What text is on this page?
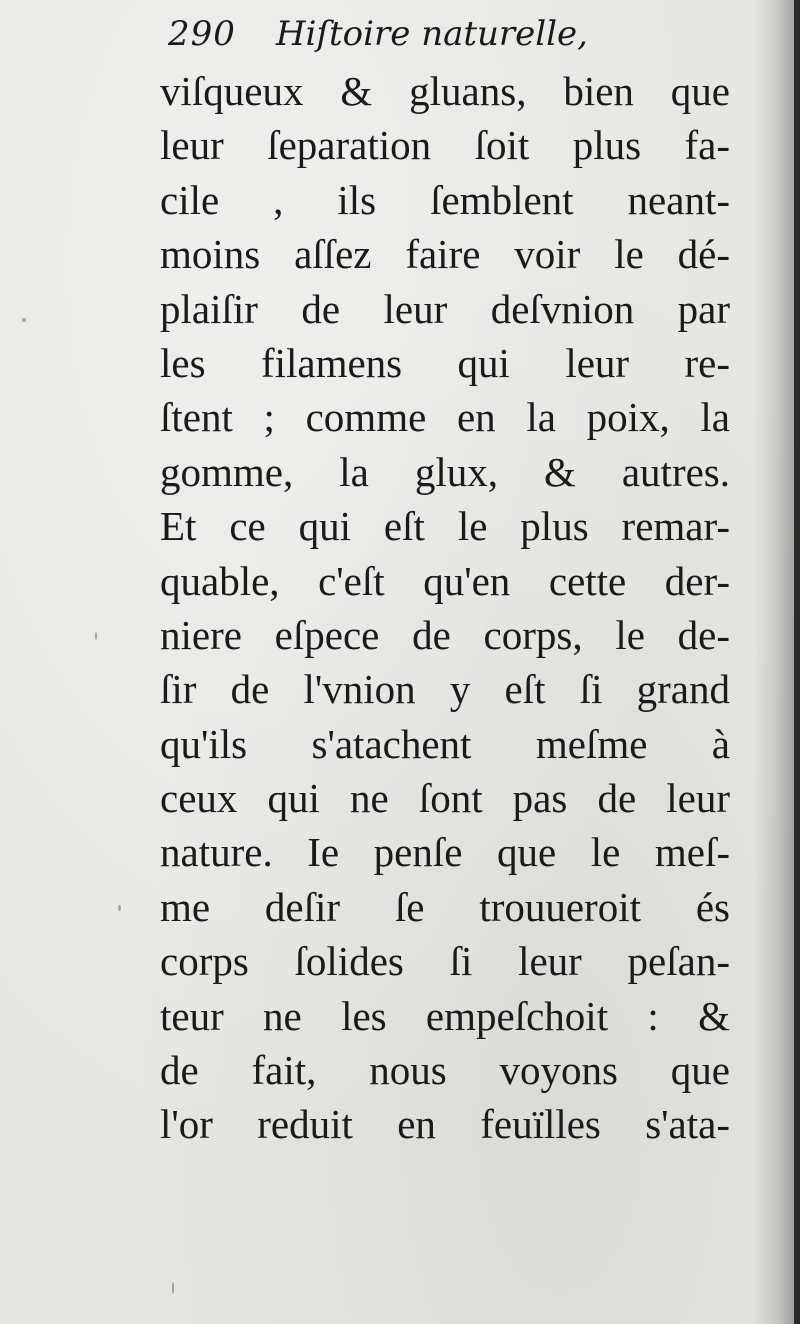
290 Hiſtoire naturelle,
viſqueux & gluans, bien que
leur ſeparation ſoit plus fa-
cile , ils ſemblent neant-
moins aſſez faire voir le dé-
plaiſir de leur deſvnion par
les filamens qui leur re-
ſtent ; comme en la poix, la
gomme, la glux, & autres.
Et ce qui eſt le plus remar-
quable, c'eſt qu'en cette der-
niere eſpece de corps, le de-
ſir de l'vnion y eſt ſi grand
qu'ils s'atachent meſme à
ceux qui ne ſont pas de leur
nature. Ie penſe que le meſ-
me deſir ſe trouueroit és
corps ſolides ſi leur peſan-
teur ne les empeſchoit : &
de fait, nous voyons que
l'or reduit en feuïlles s'ata-
